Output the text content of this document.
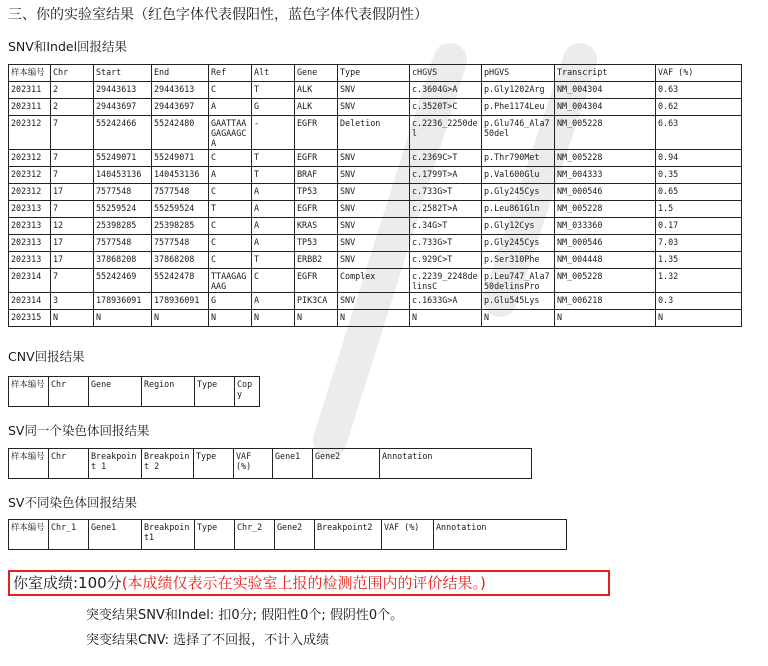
三、你的实验室结果（红色字体代表假阳性，蓝色字体代表假阴性）
SNV和Indel回报结果
样本编号	Chr	Start	End	Ref	Alt	Gene	Type	cHGVS	pHGVS	Transcript	VAF (%)
202311	2	29443613	29443613	C	T	ALK	SNV	c.3604G>A	p.Gly1202Arg	NM_004304	0.63
202311	2	29443697	29443697	A	G	ALK	SNV	c.3520T>C	p.Phe1174Leu	NM_004304	0.62
202312	7	55242466	55242480	GAATTAAGAGAAGCA	-	EGFR	Deletion	c.2236_2250del	p.Glu746_Ala750del	NM_005228	6.63
202312	7	55249071	55249071	C	T	EGFR	SNV	c.2369C>T	p.Thr790Met	NM_005228	0.94
202312	7	140453136	140453136	A	T	BRAF	SNV	c.1799T>A	p.Val600Glu	NM_004333	0.35
202312	17	7577548	7577548	C	A	TP53	SNV	c.733G>T	p.Gly245Cys	NM_000546	0.65
202313	7	55259524	55259524	T	A	EGFR	SNV	c.2582T>A	p.Leu861Gln	NM_005228	1.5
202313	12	25398285	25398285	C	A	KRAS	SNV	c.34G>T	p.Gly12Cys	NM_033360	0.17
202313	17	7577548	7577548	C	A	TP53	SNV	c.733G>T	p.Gly245Cys	NM_000546	7.03
202313	17	37868208	37868208	C	T	ERBB2	SNV	c.929C>T	p.Ser310Phe	NM_004448	1.35
202314	7	55242469	55242478	TTAAGAGAAG	C	EGFR	Complex	c.2239_2248delinsC	p.Leu747_Ala750delinsPro	NM_005228	1.32
202314	3	178936091	178936091	G	A	PIK3CA	SNV	c.1633G>A	p.Glu545Lys	NM_006218	0.3
202315	N	N	N	N	N	N	N	N	N	N	N
CNV回报结果
样本编号	Chr	Gene	Region	Type	Copy
SV同一个染色体回报结果
样本编号	Chr	Breakpoint 1	Breakpoint 2	Type	VAF (%)	Gene1	Gene2	Annotation
SV不同染色体回报结果
样本编号	Chr_1	Gene1	Breakpoint1	Type	Chr_2	Gene2	Breakpoint2	VAF (%)	Annotation
你室成绩:100分(本成绩仅表示在实验室上报的检测范围内的评价结果。)
突变结果SNV和Indel: 扣0分; 假阳性0个; 假阴性0个。
突变结果CNV: 选择了不回报，不计入成绩
